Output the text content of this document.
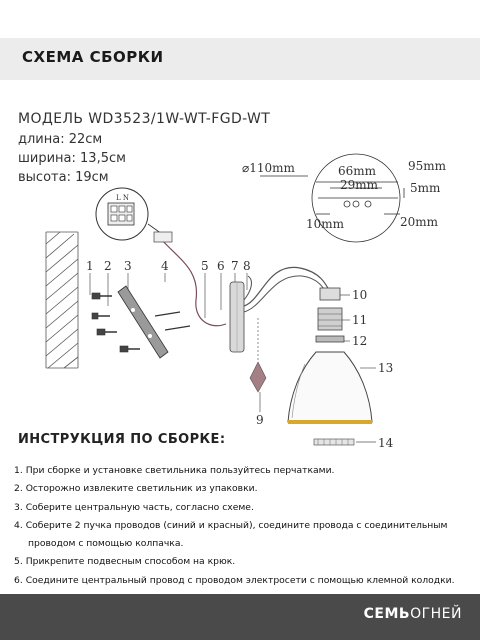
СХЕМА СБОРКИ
МОДЕЛЬ WD3523/1W-WT-FGD-WT
длина: 22см
ширина: 13,5см
высота: 19см
L N
1 2 3 4	5 6 7 8
9
10
11
12
13
14
⌀110mm	66mm	95mm
29mm	5mm
10mm	20mm
ИНСТРУКЦИЯ ПО СБОРКЕ:
1. При сборке и установке светильника пользуйтесь перчатками.
2. Осторожно извлеките светильник из упаковки.
3. Соберите центральную часть, согласно схеме.
4. Соберите 2 пучка проводов (синий и красный), соедините провода с соединительным
проводом с помощью колпачка.
5. Прикрепите подвесным способом на крюк.
6. Соедините центральный провод с проводом электросети с помощью клемной колодки.
СЕМЬОГНЕЙ
